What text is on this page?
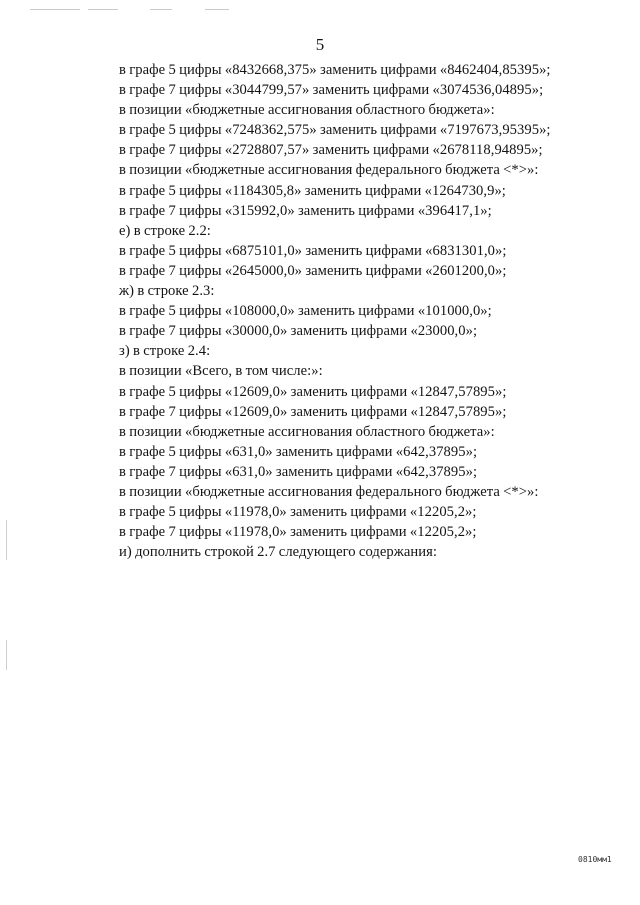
5
в графе 5 цифры «8432668,375» заменить цифрами «8462404,85395»;
в графе 7 цифры «3044799,57» заменить цифрами «3074536,04895»;
в позиции «бюджетные ассигнования областного бюджета»:
в графе 5 цифры «7248362,575» заменить цифрами «7197673,95395»;
в графе 7 цифры «2728807,57» заменить цифрами «2678118,94895»;
в позиции «бюджетные ассигнования федерального бюджета <*>»:
в графе 5 цифры «1184305,8» заменить цифрами «1264730,9»;
в графе 7 цифры «315992,0» заменить цифрами «396417,1»;
е) в строке 2.2:
в графе 5 цифры «6875101,0» заменить цифрами «6831301,0»;
в графе 7 цифры «2645000,0» заменить цифрами «2601200,0»;
ж) в строке 2.3:
в графе 5 цифры «108000,0» заменить цифрами «101000,0»;
в графе 7 цифры «30000,0» заменить цифрами «23000,0»;
з) в строке 2.4:
в позиции «Всего, в том числе:»:
в графе 5 цифры «12609,0» заменить цифрами «12847,57895»;
в графе 7 цифры «12609,0» заменить цифрами «12847,57895»;
в позиции «бюджетные ассигнования областного бюджета»:
в графе 5 цифры «631,0» заменить цифрами «642,37895»;
в графе 7 цифры «631,0» заменить цифрами «642,37895»;
в позиции «бюджетные ассигнования федерального бюджета <*>»:
в графе 5 цифры «11978,0» заменить цифрами «12205,2»;
в графе 7 цифры «11978,0» заменить цифрами «12205,2»;
и) дополнить строкой 2.7 следующего содержания:
0810мм1
